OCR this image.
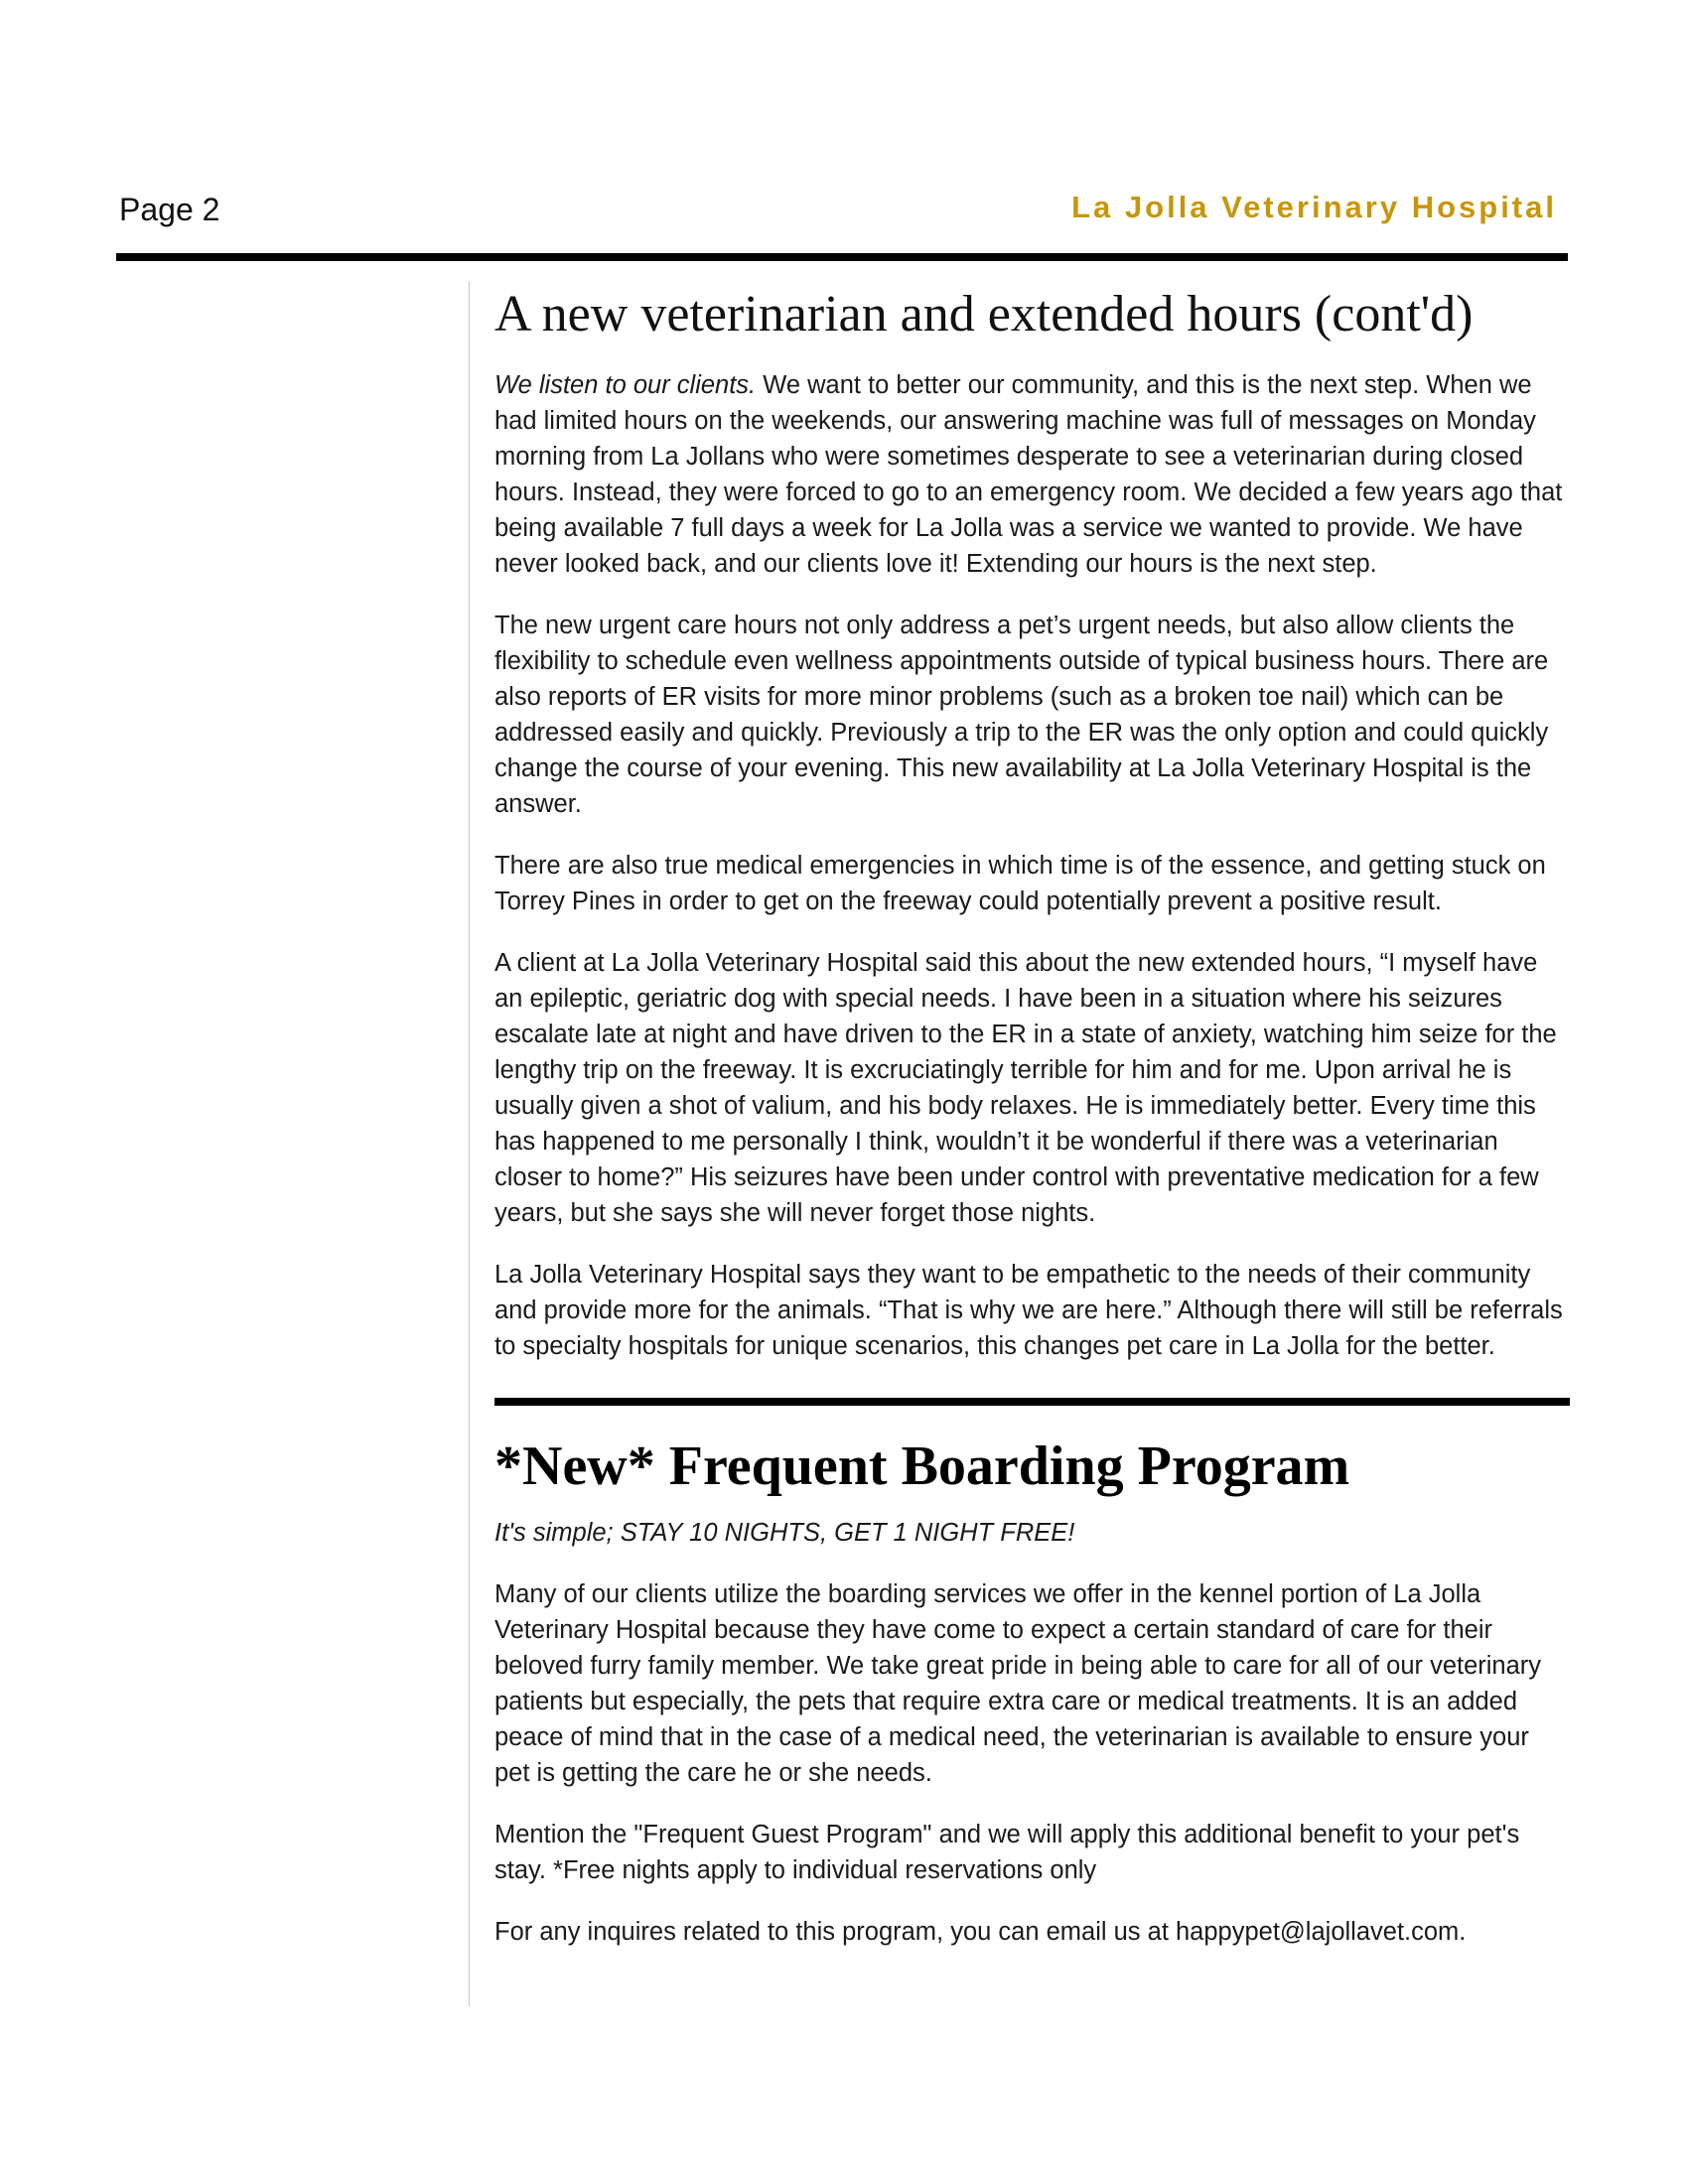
Page 2	La Jolla Veterinary Hospital
A new veterinarian and extended hours (cont'd)

We listen to our clients. We want to better our community, and this is the next step. When we had limited hours on the weekends, our answering machine was full of messages on Monday morning from La Jollans who were sometimes desperate to see a veterinarian during closed hours. Instead, they were forced to go to an emergency room. We decided a few years ago that being available 7 full days a week for La Jolla was a service we wanted to provide. We have never looked back, and our clients love it! Extending our hours is the next step.

The new urgent care hours not only address a pet’s urgent needs, but also allow clients the flexibility to schedule even wellness appointments outside of typical business hours. There are also reports of ER visits for more minor problems (such as a broken toe nail) which can be addressed easily and quickly. Previously a trip to the ER was the only option and could quickly change the course of your evening. This new availability at La Jolla Veterinary Hospital is the answer.

There are also true medical emergencies in which time is of the essence, and getting stuck on Torrey Pines in order to get on the freeway could potentially prevent a positive result.

A client at La Jolla Veterinary Hospital said this about the new extended hours, “I myself have an epileptic, geriatric dog with special needs. I have been in a situation where his seizures escalate late at night and have driven to the ER in a state of anxiety, watching him seize for the lengthy trip on the freeway. It is excruciatingly terrible for him and for me. Upon arrival he is usually given a shot of valium, and his body relaxes. He is immediately better. Every time this has happened to me personally I think, wouldn’t it be wonderful if there was a veterinarian closer to home?” His seizures have been under control with preventative medication for a few years, but she says she will never forget those nights.

La Jolla Veterinary Hospital says they want to be empathetic to the needs of their community and provide more for the animals. “That is why we are here.” Although there will still be referrals to specialty hospitals for unique scenarios, this changes pet care in La Jolla for the better.

*New* Frequent Boarding Program

It's simple; STAY 10 NIGHTS, GET 1 NIGHT FREE!

Many of our clients utilize the boarding services we offer in the kennel portion of La Jolla Veterinary Hospital because they have come to expect a certain standard of care for their beloved furry family member. We take great pride in being able to care for all of our veterinary patients but especially, the pets that require extra care or medical treatments. It is an added peace of mind that in the case of a medical need, the veterinarian is available to ensure your pet is getting the care he or she needs.

Mention the "Frequent Guest Program" and we will apply this additional benefit to your pet's stay. *Free nights apply to individual reservations only

For any inquires related to this program, you can email us at happypet@lajollavet.com.
